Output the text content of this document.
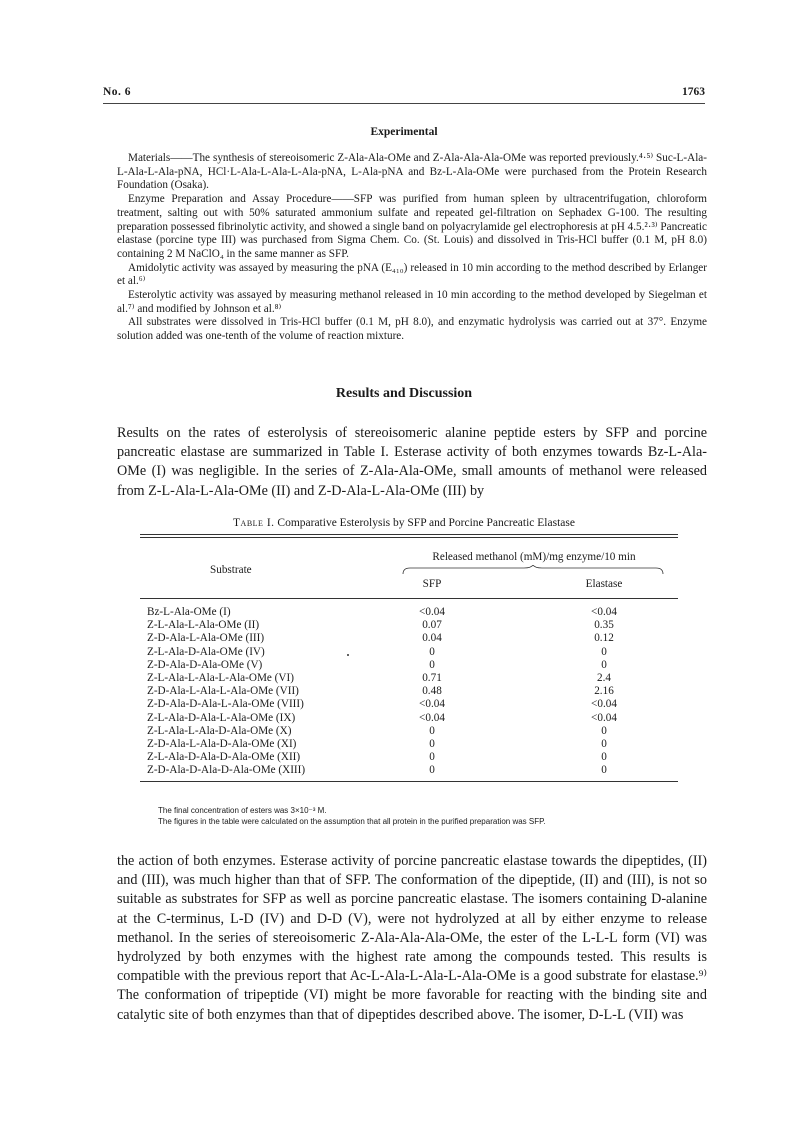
No. 6	1763
Experimental

Materials——The synthesis of stereoisomeric Z-Ala-Ala-OMe and Z-Ala-Ala-Ala-OMe was reported previously.⁴·⁵⁾ Suc-L-Ala-L-Ala-L-Ala-pNA, HCl·L-Ala-L-Ala-L-Ala-pNA, L-Ala-pNA and Bz-L-Ala-OMe were purchased from the Protein Research Foundation (Osaka).

Enzyme Preparation and Assay Procedure——SFP was purified from human spleen by ultracentrifugation, chloroform treatment, salting out with 50% saturated ammonium sulfate and repeated gel-filtration on Sephadex G-100. The resulting preparation possessed fibrinolytic activity, and showed a single band on polyacrylamide gel electrophoresis at pH 4.5.²·³⁾ Pancreatic elastase (porcine type III) was purchased from Sigma Chem. Co. (St. Louis) and dissolved in Tris-HCl buffer (0.1 M, pH 8.0) containing 2 M NaClO₄ in the same manner as SFP.

Amidolytic activity was assayed by measuring the pNA (E₄₁₀) released in 10 min according to the method described by Erlanger et al.⁶⁾

Esterolytic activity was assayed by measuring methanol released in 10 min according to the method developed by Siegelman et al.⁷⁾ and modified by Johnson et al.⁸⁾

All substrates were dissolved in Tris-HCl buffer (0.1 M, pH 8.0), and enzymatic hydrolysis was carried out at 37°. Enzyme solution added was one-tenth of the volume of reaction mixture.

Results and Discussion

Results on the rates of esterolysis of stereoisomeric alanine peptide esters by SFP and porcine pancreatic elastase are summarized in Table I. Esterase activity of both enzymes towards Bz-L-Ala-OMe (I) was negligible. In the series of Z-Ala-Ala-OMe, small amounts of methanol were released from Z-L-Ala-L-Ala-OMe (II) and Z-D-Ala-L-Ala-OMe (III) by

Table I. Comparative Esterolysis by SFP and Porcine Pancreatic Elastase
Substrate
Released methanol (mM)/mg enzyme/10 min
SFP	Elastase
Bz-L-Ala-OMe (I)	<0.04	<0.04
Z-L-Ala-L-Ala-OMe (II)	0.07	0.35
Z-D-Ala-L-Ala-OMe (III)	0.04	0.12
Z-L-Ala-D-Ala-OMe (IV)	0	0
Z-D-Ala-D-Ala-OMe (V)	0	0
Z-L-Ala-L-Ala-L-Ala-OMe (VI)	0.71	2.4
Z-D-Ala-L-Ala-L-Ala-OMe (VII)	0.48	2.16
Z-D-Ala-D-Ala-L-Ala-OMe (VIII)	<0.04	<0.04
Z-L-Ala-D-Ala-L-Ala-OMe (IX)	<0.04	<0.04
Z-L-Ala-L-Ala-D-Ala-OMe (X)	0	0
Z-D-Ala-L-Ala-D-Ala-OMe (XI)	0	0
Z-L-Ala-D-Ala-D-Ala-OMe (XII)	0	0
Z-D-Ala-D-Ala-D-Ala-OMe (XIII)	0	0

The final concentration of esters was 3×10⁻³ M.

The figures in the table were calculated on the assumption that all protein in the purified preparation was SFP.

the action of both enzymes. Esterase activity of porcine pancreatic elastase towards the dipeptides, (II) and (III), was much higher than that of SFP. The conformation of the dipeptide, (II) and (III), is not so suitable as substrates for SFP as well as porcine pancreatic elastase. The isomers containing D-alanine at the C-terminus, L-D (IV) and D-D (V), were not hydrolyzed at all by either enzyme to release methanol. In the series of stereoisomeric Z-Ala-Ala-Ala-OMe, the ester of the L-L-L form (VI) was hydrolyzed by both enzymes with the highest rate among the compounds tested. This results is compatible with the previous report that Ac-L-Ala-L-Ala-L-Ala-OMe is a good substrate for elastase.⁹⁾ The conformation of tripeptide (VI) might be more favorable for reacting with the binding site and catalytic site of both enzymes than that of dipeptides described above. The isomer, D-L-L (VII) was
